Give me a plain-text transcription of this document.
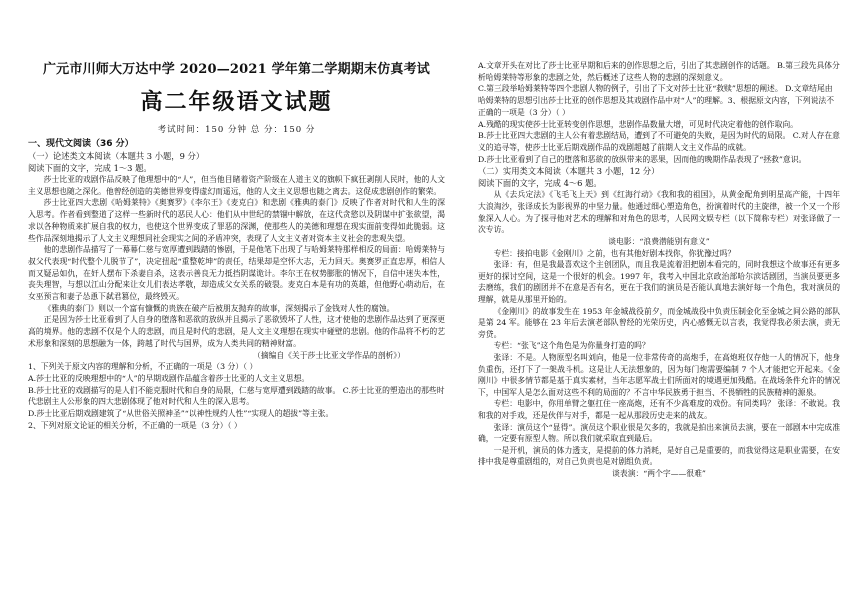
广元市川师大万达中学 2020—2021 学年第二学期期末仿真考试
高二年级语文试题
考试时间：150 分钟 总 分：150 分
一、现代文阅读（36 分）
（一）论述类文本阅读（本题共 3 小题，9 分）
阅读下面的文字，完成 1～3 题。

莎士比亚的戏剧作品反映了他理想中的“人”，但当他目睹着资产阶级在人道主义的旗帜下疯狂剥削人民时，他的人文主义思想也随之深化。他曾经创造的美德世界变得虚幻而遥远，他的人文主义思想也随之离去。这促成悲剧创作的繁荣。

莎士比亚四大悲剧《哈姆莱特》《奥赛罗》《李尔王》《麦克白》和悲剧《雅典的泰门》反映了作者对时代和人生的深入思考。作者看到整道了这样一些新时代的恶民人心：他们从中世纪的禁锢中解放，在这代贪慾以及阴谋中扩张欲望，渴求以各种物质来扩展自我的权力，也使这个世界变成了罪恶的深渊，使那些人的美德和理想在现实面前变得如此脆弱。这些作品深刻地揭示了人文主义理想同社会现实之间的矛盾冲突，表现了人文主义者对资本主义社会的悲观失望。

他的悲剧作品描写了一幕幕仁慈与宽厚遭到践踏的惨剧，于是他笔下出现了与哈姆莱特那样相反的局面：哈姆莱特与叔父代表现“时代整个儿脱节了”，决定扭起“重整乾坤”的责任，结果却是空怀大志，无力回天。奥赛罗正直忠厚，相信人而又疑忌如仇，在奸人摆布下杀妻自杀，这表示善良无力抵挡阴谋诡计。李尔王在权势膨胀的情况下，自信中迷失本性，丧失理智，与想以江山分配来让女儿们表达孝敬，却造成父女关系的破裂。麦克白本是有功的英雄，但他野心萌动后，在女巫预言和妻子怂恿下弑君篡位，最终毁灭。

《雅典的泰门》则以一个富有慷慨的贵族在破产后被朋友抛弃的故事，深刻揭示了金钱对人性的腐蚀。

正是因为莎士比亚看到了人自身的堕落和恶欲的放纵并且揭示了恶欲毁坏了人性，这才使他的悲剧作品达到了更深更高的境界。他的悲剧不仅是个人的悲剧，而且是时代的悲剧，是人文主义理想在现实中碰壁的悲剧。他的作品将不朽的艺术形象和深刻的思想融为一体，跨越了时代与国界，成为人类共同的精神财富。

（摘编自《关于莎士比亚文学作品的剖析》）

1、下列关于原文内容的理解和分析，不正确的一项是（3 分）（ ）

A.莎士比亚的反映理想中的“人”的早期戏剧作品蕴含着莎士比亚的人文主义思想。

B.莎士比亚的戏剧描写的是人们不能克服时代和自身的局限，仁慈与宽厚遭到践踏的故事。 C.莎士比亚的塑造出的那些时代悲剧主人公形象的四大悲剧体现了他对时代和人生的深入思考。

D.莎士比亚后期戏剧建筑了“从世俗关照神圣”“以神性规约人性”“实现人的超拔”等主张。

2、下列对原文论证的相关分析，不正确的一项是（3 分）（ ）

A.文章开头在对比了莎士比亚早期和后来的创作思想之后，引出了其悲剧创作的话题。 B.第三段先具体分析哈姆莱特等形象的悲剧之处，然后概述了这些人物的悲剧的深刻意义。

C.第三段举哈姆莱特等四个悲剧人物的例子，引出了下文对莎士比亚“救赎”思想的阐述。 D.文章结尾由哈姆莱特的思想引出莎士比亚的创作思想及其戏剧作品中对“人”的理解。3、根据原文内容，下列说法不正确的一项是（3 分）（ ）

A.残酷的现实使莎士比亚转变创作思想，悲剧作品数量大增，可见时代决定着他的创作取向。

B.莎士比亚四大悲剧的主人公有着悲剧结局，遭到了不可避免的失败，是因为时代的局限。 C.对人存在意义的追寻等，使莎士比亚后期戏剧作品的戏剧超越了前期人文主义作品的成就。

D.莎士比亚看到了自己的堕落和恶欲的放纵带来的恶果，因而他的晚期作品表现了“拯救”意识。

（二）实用类文本阅读（本题共 3 小题，12 分）
阅读下面的文字，完成 4～6 题。

从《去兵定法》《飞毛飞上天》到《红海行动》《我和我的祖国》，从黄金配角到明星高产能，十四年大浪淘沙，张译成长为影视界的中坚力量。他通过细心塑造角色，扮演着时代的主旋律，被一个又一个形象深入人心。为了探寻他对艺术的理解和对角色的思考，人民网文娱专栏（以下简称专栏）对张译做了一次专访。

谈电影：“浪费潜能别有意义”

专栏：接拍电影《金刚川》之前，也有其他好剧本找你，你犹豫过吗？

张译：有，但是我最喜欢这个主创团队，而且我是流着泪把剧本看完的，同时我想这个故事还有更多更好的探讨空间，这是一个很好的机会。1997 年，我考入中国北京政治部哈尔滨话剧团，当演员要更多去磨练，我们的剧团并不在意是否有名，更在于我们的演员是否能认真地去演好每一个角色，我对演员的理解，就是从那里开始的。

《金刚川》的故事发生在 1953 年金城战役前夕，而金城战役中负责压制金化至金城之间公路的部队是第 24 军。能够在 23 年后去演老部队曾经的光荣历史，内心感慨无以言表，我觉得我必须去演，责无旁贷。

专栏：“张飞”这个角色是为你量身打造的吗？

张译：不是。人物原型名叫刘向，他是一位非常传奇的高炮手，在高炮班仅存他一人的情况下，他身负重伤，还打下了一架战斗机。这是让人无法想象的，因为每门炮需要编制 7 个人才能把它开起来。《金刚川》中很多情节都是基于真实素材，当年志愿军战士们所面对的境遇更加残酷。在战场条件允许的情况下，中国军人是怎么面对这些不利的局面的？不言中华民族勇于担当、不畏牺牲的民族精神的源泉。

专栏：电影中，你用单臂之躯扛住一座高炮，还有不少高难度的戏份。有同类吗？ 张译：不敢说。我和我的对手戏，还是伙伴与对手，都是一起从那段历史走来的战友。

张译：演员这个“显得”。演员这个职业很是欠多的，我就是拍出来演员去演，要在一部剧本中完成准确，一定要有原型人物。所以我们就采取直到最后。

一是开机，演员的体力透支，是提前的体力消耗，是好自己是重要的，而我觉得这是职业需要，在安排中我是尊重剧组的，对自己负责也是对剧组负责。

谈表演：“两个字——很难”
